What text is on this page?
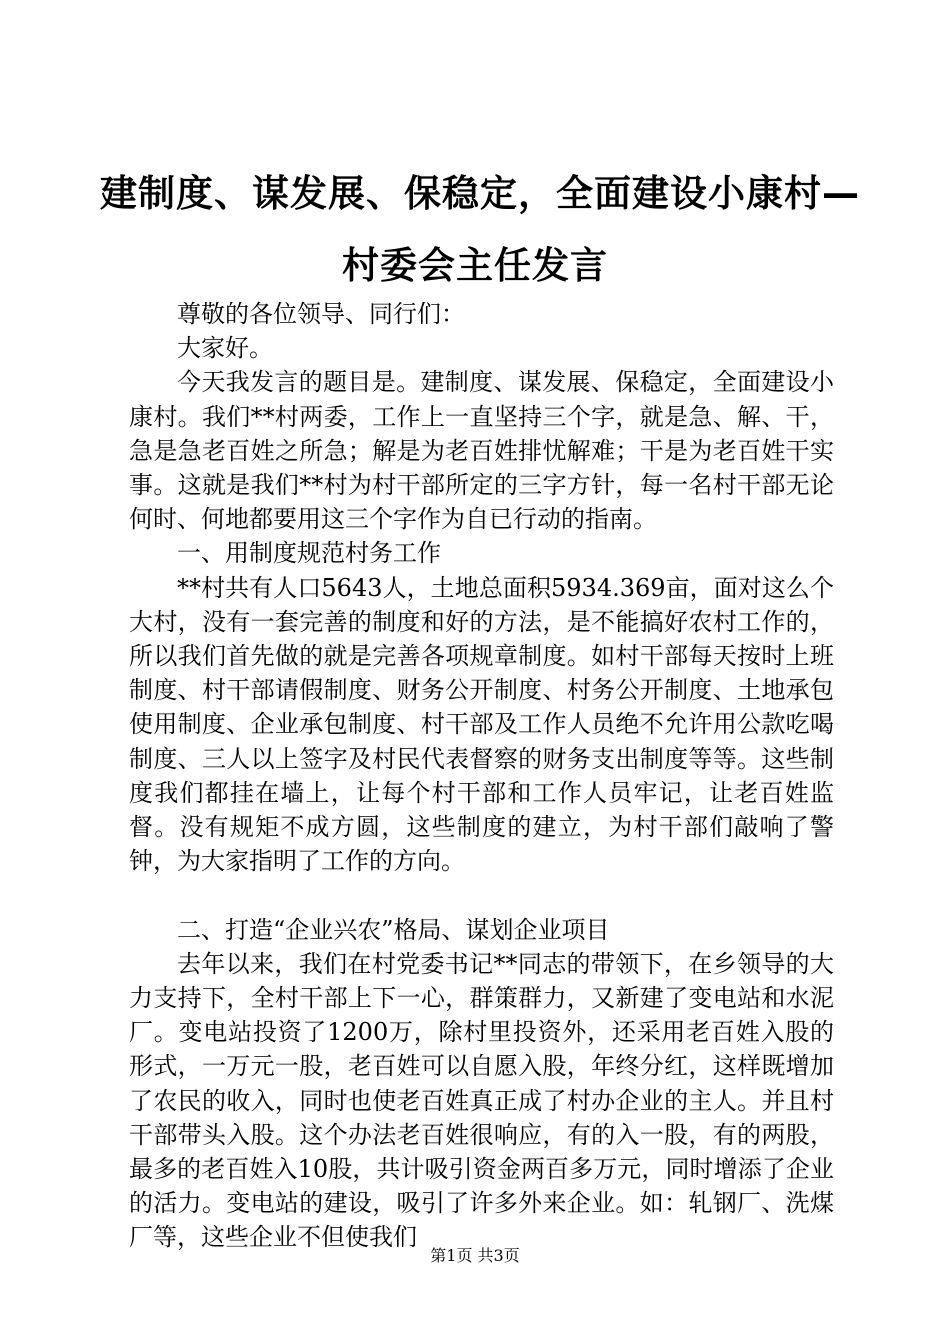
建制度、谋发展、保稳定，全面建设小康村—
村委会主任发言

尊敬的各位领导、同行们：

大家好。

今天我发言的题目是。建制度、谋发展、保稳定，全面建设小康村。我们**村两委，工作上一直坚持三个字，就是急、解、干，急是急老百姓之所急；解是为老百姓排忧解难；干是为老百姓干实事。这就是我们**村为村干部所定的三字方针，每一名村干部无论何时、何地都要用这三个字作为自已行动的指南。

一、用制度规范村务工作

**村共有人口5643人，土地总面积5934.369亩，面对这么个大村，没有一套完善的制度和好的方法，是不能搞好农村工作的，所以我们首先做的就是完善各项规章制度。如村干部每天按时上班制度、村干部请假制度、财务公开制度、村务公开制度、土地承包使用制度、企业承包制度、村干部及工作人员绝不允许用公款吃喝制度、三人以上签字及村民代表督察的财务支出制度等等。这些制度我们都挂在墙上，让每个村干部和工作人员牢记，让老百姓监督。没有规矩不成方圆，这些制度的建立，为村干部们敲响了警钟，为大家指明了工作的方向。

二、打造“企业兴农”格局、谋划企业项目

去年以来，我们在村党委书记**同志的带领下，在乡领导的大力支持下，全村干部上下一心，群策群力，又新建了变电站和水泥厂。变电站投资了1200万，除村里投资外，还采用老百姓入股的形式，一万元一股，老百姓可以自愿入股，年终分红，这样既增加了农民的收入，同时也使老百姓真正成了村办企业的主人。并且村干部带头入股。这个办法老百姓很响应，有的入一股，有的两股，最多的老百姓入10股，共计吸引资金两百多万元，同时增添了企业的活力。变电站的建设，吸引了许多外来企业。如：轧钢厂、洗煤厂等，这些企业不但使我们

第1页 共3页
